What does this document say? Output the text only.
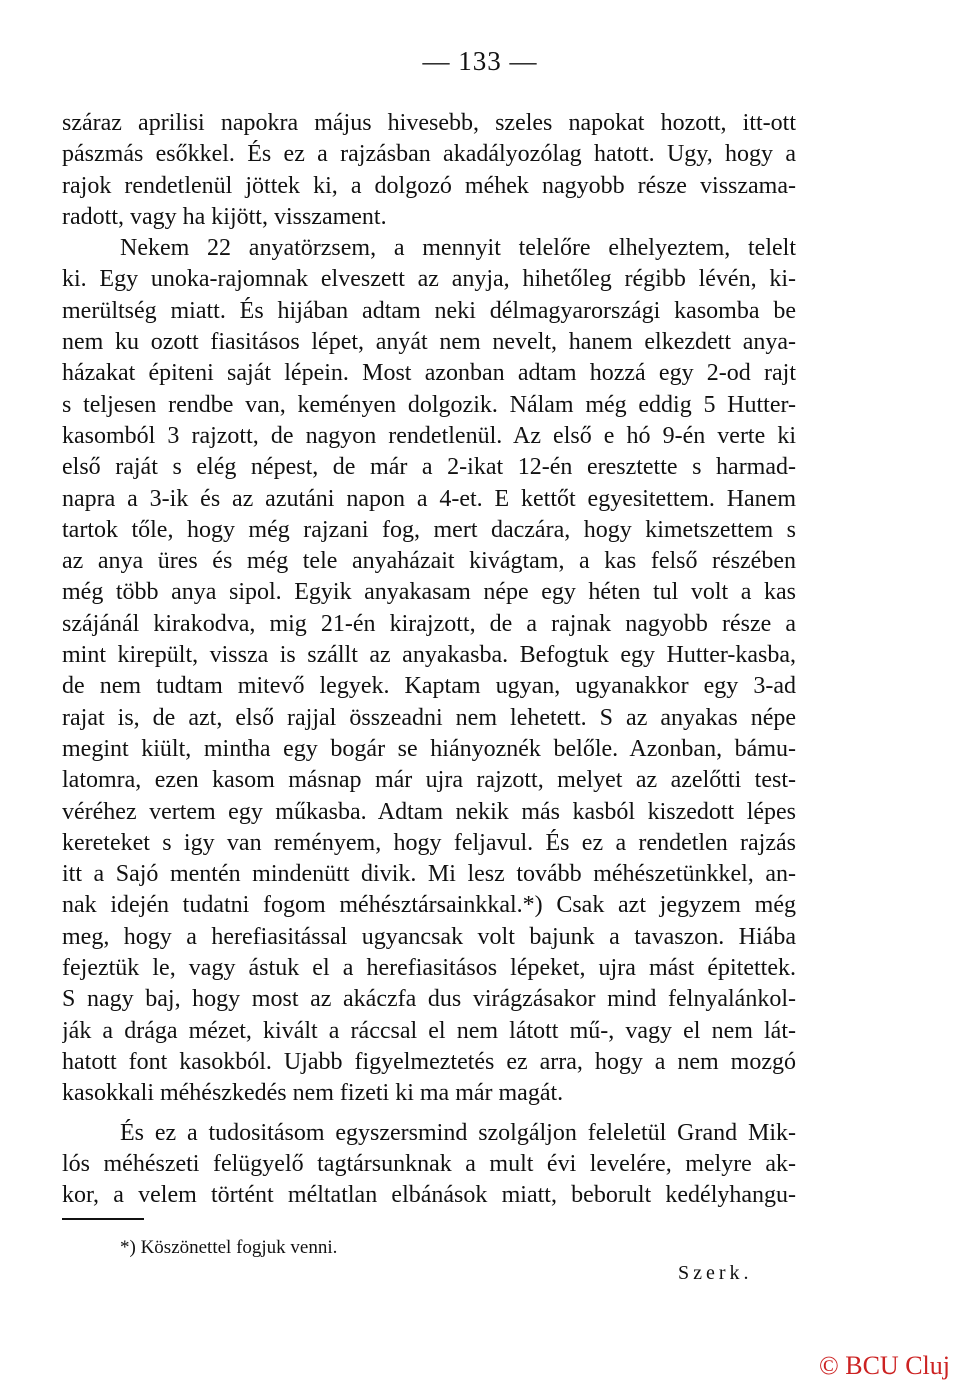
— 133 —
száraz aprilisi napokra május hivesebb, szeles napokat hozott, itt-ott
pászmás esőkkel. És ez a rajzásban akadályozólag hatott. Ugy, hogy a
rajok rendetlenül jöttek ki, a dolgozó méhek nagyobb része visszama-
radott, vagy ha kijött, visszament.
Nekem 22 anyatörzsem, a mennyit telelőre elhelyeztem, telelt
ki. Egy unoka-rajomnak elveszett az anyja, hihetőleg régibb lévén, ki-
merültség miatt. És hijában adtam neki délmagyarországi kasomba be
nem ku ozott fiasitásos lépet, anyát nem nevelt, hanem elkezdett anya-
házakat épiteni saját lépein. Most azonban adtam hozzá egy 2-od rajt
s teljesen rendbe van, keményen dolgozik. Nálam még eddig 5 Hutter-
kasomból 3 rajzott, de nagyon rendetlenül. Az első e hó 9-én verte ki
első raját s elég népest, de már a 2-ikat 12-én eresztette s harmad-
napra a 3-ik és az azutáni napon a 4-et. E kettőt egyesitettem. Hanem
tartok tőle, hogy még rajzani fog, mert daczára, hogy kimetszettem s
az anya üres és még tele anyaházait kivágtam, a kas felső részében
még több anya sipol. Egyik anyakasam népe egy héten tul volt a kas
szájánál kirakodva, mig 21-én kirajzott, de a rajnak nagyobb része a
mint kirepült, vissza is szállt az anyakasba. Befogtuk egy Hutter-kasba,
de nem tudtam mitevő legyek. Kaptam ugyan, ugyanakkor egy 3-ad
rajat is, de azt, első rajjal összeadni nem lehetett. S az anyakas népe
megint kiült, mintha egy bogár se hiányoznék belőle. Azonban, bámu-
latomra, ezen kasom másnap már ujra rajzott, melyet az azelőtti test-
véréhez vertem egy műkasba. Adtam nekik más kasból kiszedott lépes
kereteket s igy van reményem, hogy feljavul. És ez a rendetlen rajzás
itt a Sajó mentén mindenütt divik. Mi lesz tovább méhészetünkkel, an-
nak idején tudatni fogom méhésztársainkkal.*) Csak azt jegyzem még
meg, hogy a herefiasitással ugyancsak volt bajunk a tavaszon. Hiába
fejeztük le, vagy ástuk el a herefiasitásos lépeket, ujra mást épitettek.
S nagy baj, hogy most az akáczfa dus virágzásakor mind felnyalánkol-
ják a drága mézet, kivált a ráccsal el nem látott mű-, vagy el nem lát-
hatott font kasokból. Ujabb figyelmeztetés ez arra, hogy a nem mozgó
kasokkali méhészkedés nem fizeti ki ma már magát.
És ez a tudositásom egyszersmind szolgáljon feleletül Grand Mik-
lós méhészeti felügyelő tagtársunknak a mult évi levelére, melyre ak-
kor, a velem történt méltatlan elbánások miatt, beborult kedélyhangu-
*) Köszönettel fogjuk venni.
Szerk.
© BCU Cluj
